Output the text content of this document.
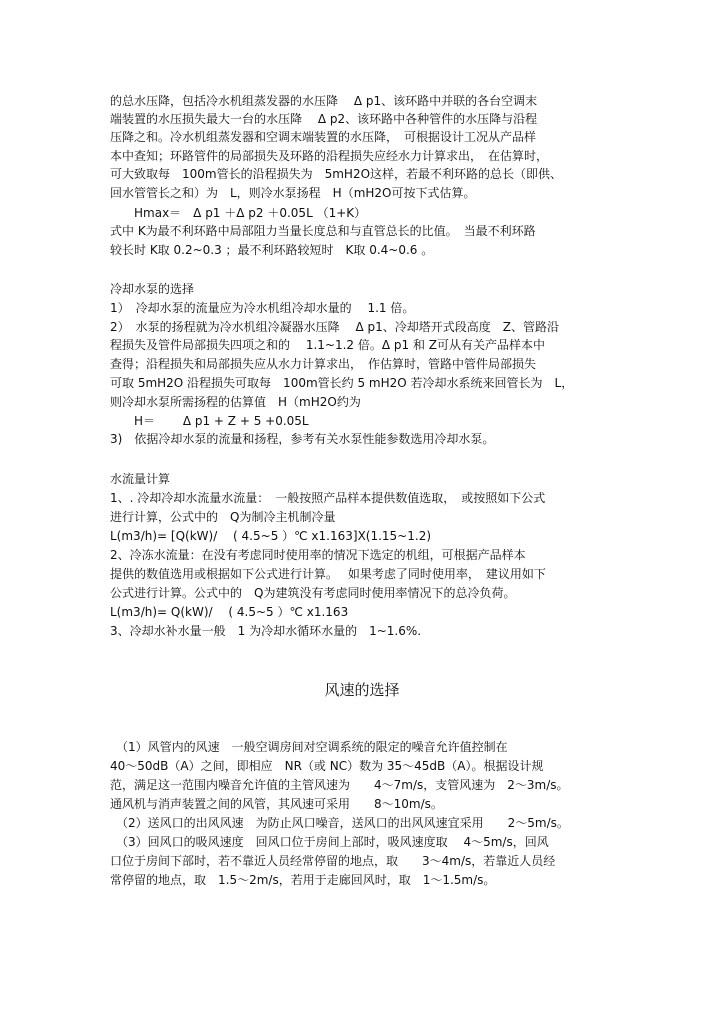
的总水压降，包括冷水机组蒸发器的水压降　 Δ p1、该环路中并联的各台空调末
端装置的水压损失最大一台的水压降　 Δ p2、该环路中各种管件的水压降与沿程
压降之和。冷水机组蒸发器和空调末端装置的水压降，　可根据设计工况从产品样
本中查知；环路管件的局部损失及环路的沿程损失应经水力计算求出，　在估算时，
可大致取每　100m管长的沿程损失为　5mH2O这样，若最不利环路的总长（即供、
回水管管长之和）为　L，则冷水泵扬程　H（mH2O可按下式估算。
　　Hmax＝　Δ p1 ＋Δ p2 ＋0.05L （1+K）
式中 K为最不利环路中局部阻力当量长度总和与直管总长的比值。　当最不利环路
较长时 K取 0.2~0.3 ；最不利环路较短时　K取 0.4~0.6 。
冷却水泵的选择
1）　冷却水泵的流量应为冷水机组冷却水量的　 1.1 倍。
2）　水泵的扬程就为冷水机组冷凝器水压降　 Δ p1、冷却塔开式段高度　Z、管路沿
程损失及管件局部损失四项之和的　 1.1~1.2 倍。Δ p1 和 Z可从有关产品样本中
查得；沿程损失和局部损失应从水力计算求出，　作估算时，管路中管件局部损失
可取 5mH2O 沿程损失可取每　100m管长约 5 mH2O 若冷却水系统来回管长为　L，
则冷却水泵所需扬程的估算值　H（mH2O约为
　　H＝　　 Δ p1 + Z + 5 +0.05L
3)　依据冷却水泵的流量和扬程，参考有关水泵性能参数选用冷却水泵。
水流量计算
1、. 冷却冷却水流量水流量：　一般按照产品样本提供数值选取，　或按照如下公式
进行计算，公式中的　Q为制冷主机制冷量
L(m3/h)= [Q(kW)/　 ( 4.5~5 ）℃ x1.163]X(1.15~1.2)
2、冷冻水流量：在没有考虑同时使用率的情况下选定的机组，可根据产品样本
提供的数值选用或根据如下公式进行计算。　 如果考虑了同时使用率，　建议用如下
公式进行计算。公式中的　Q为建筑没有考虑同时使用率情况下的总冷负荷。
L(m3/h)= Q(kW)/　 ( 4.5~5 ）℃ x1.163
3、冷却水补水量一般　1 为冷却水循环水量的　1~1.6%.
风速的选择
　（1）风管内的风速　一般空调房间对空调系统的限定的噪音允许值控制在
40～50dB（A）之间，即相应　NR（或 NC）数为 35～45dB（A）。根据设计规
范，满足这一范围内噪音允许值的主管风速为　　4～7m/s，支管风速为　2～3m/s。
通风机与消声装置之间的风管，其风速可采用　　8～10m/s。
　（2）送风口的出风风速　为防止风口噪音，送风口的出风风速宜采用　　2～5m/s。
　（3）回风口的吸风速度　回风口位于房间上部时，吸风速度取　 4～5m/s，回风
口位于房间下部时，若不靠近人员经常停留的地点，取　　3～4m/s，若靠近人员经
常停留的地点，取　1.5～2m/s，若用于走廊回风时，取　1～1.5m/s。
